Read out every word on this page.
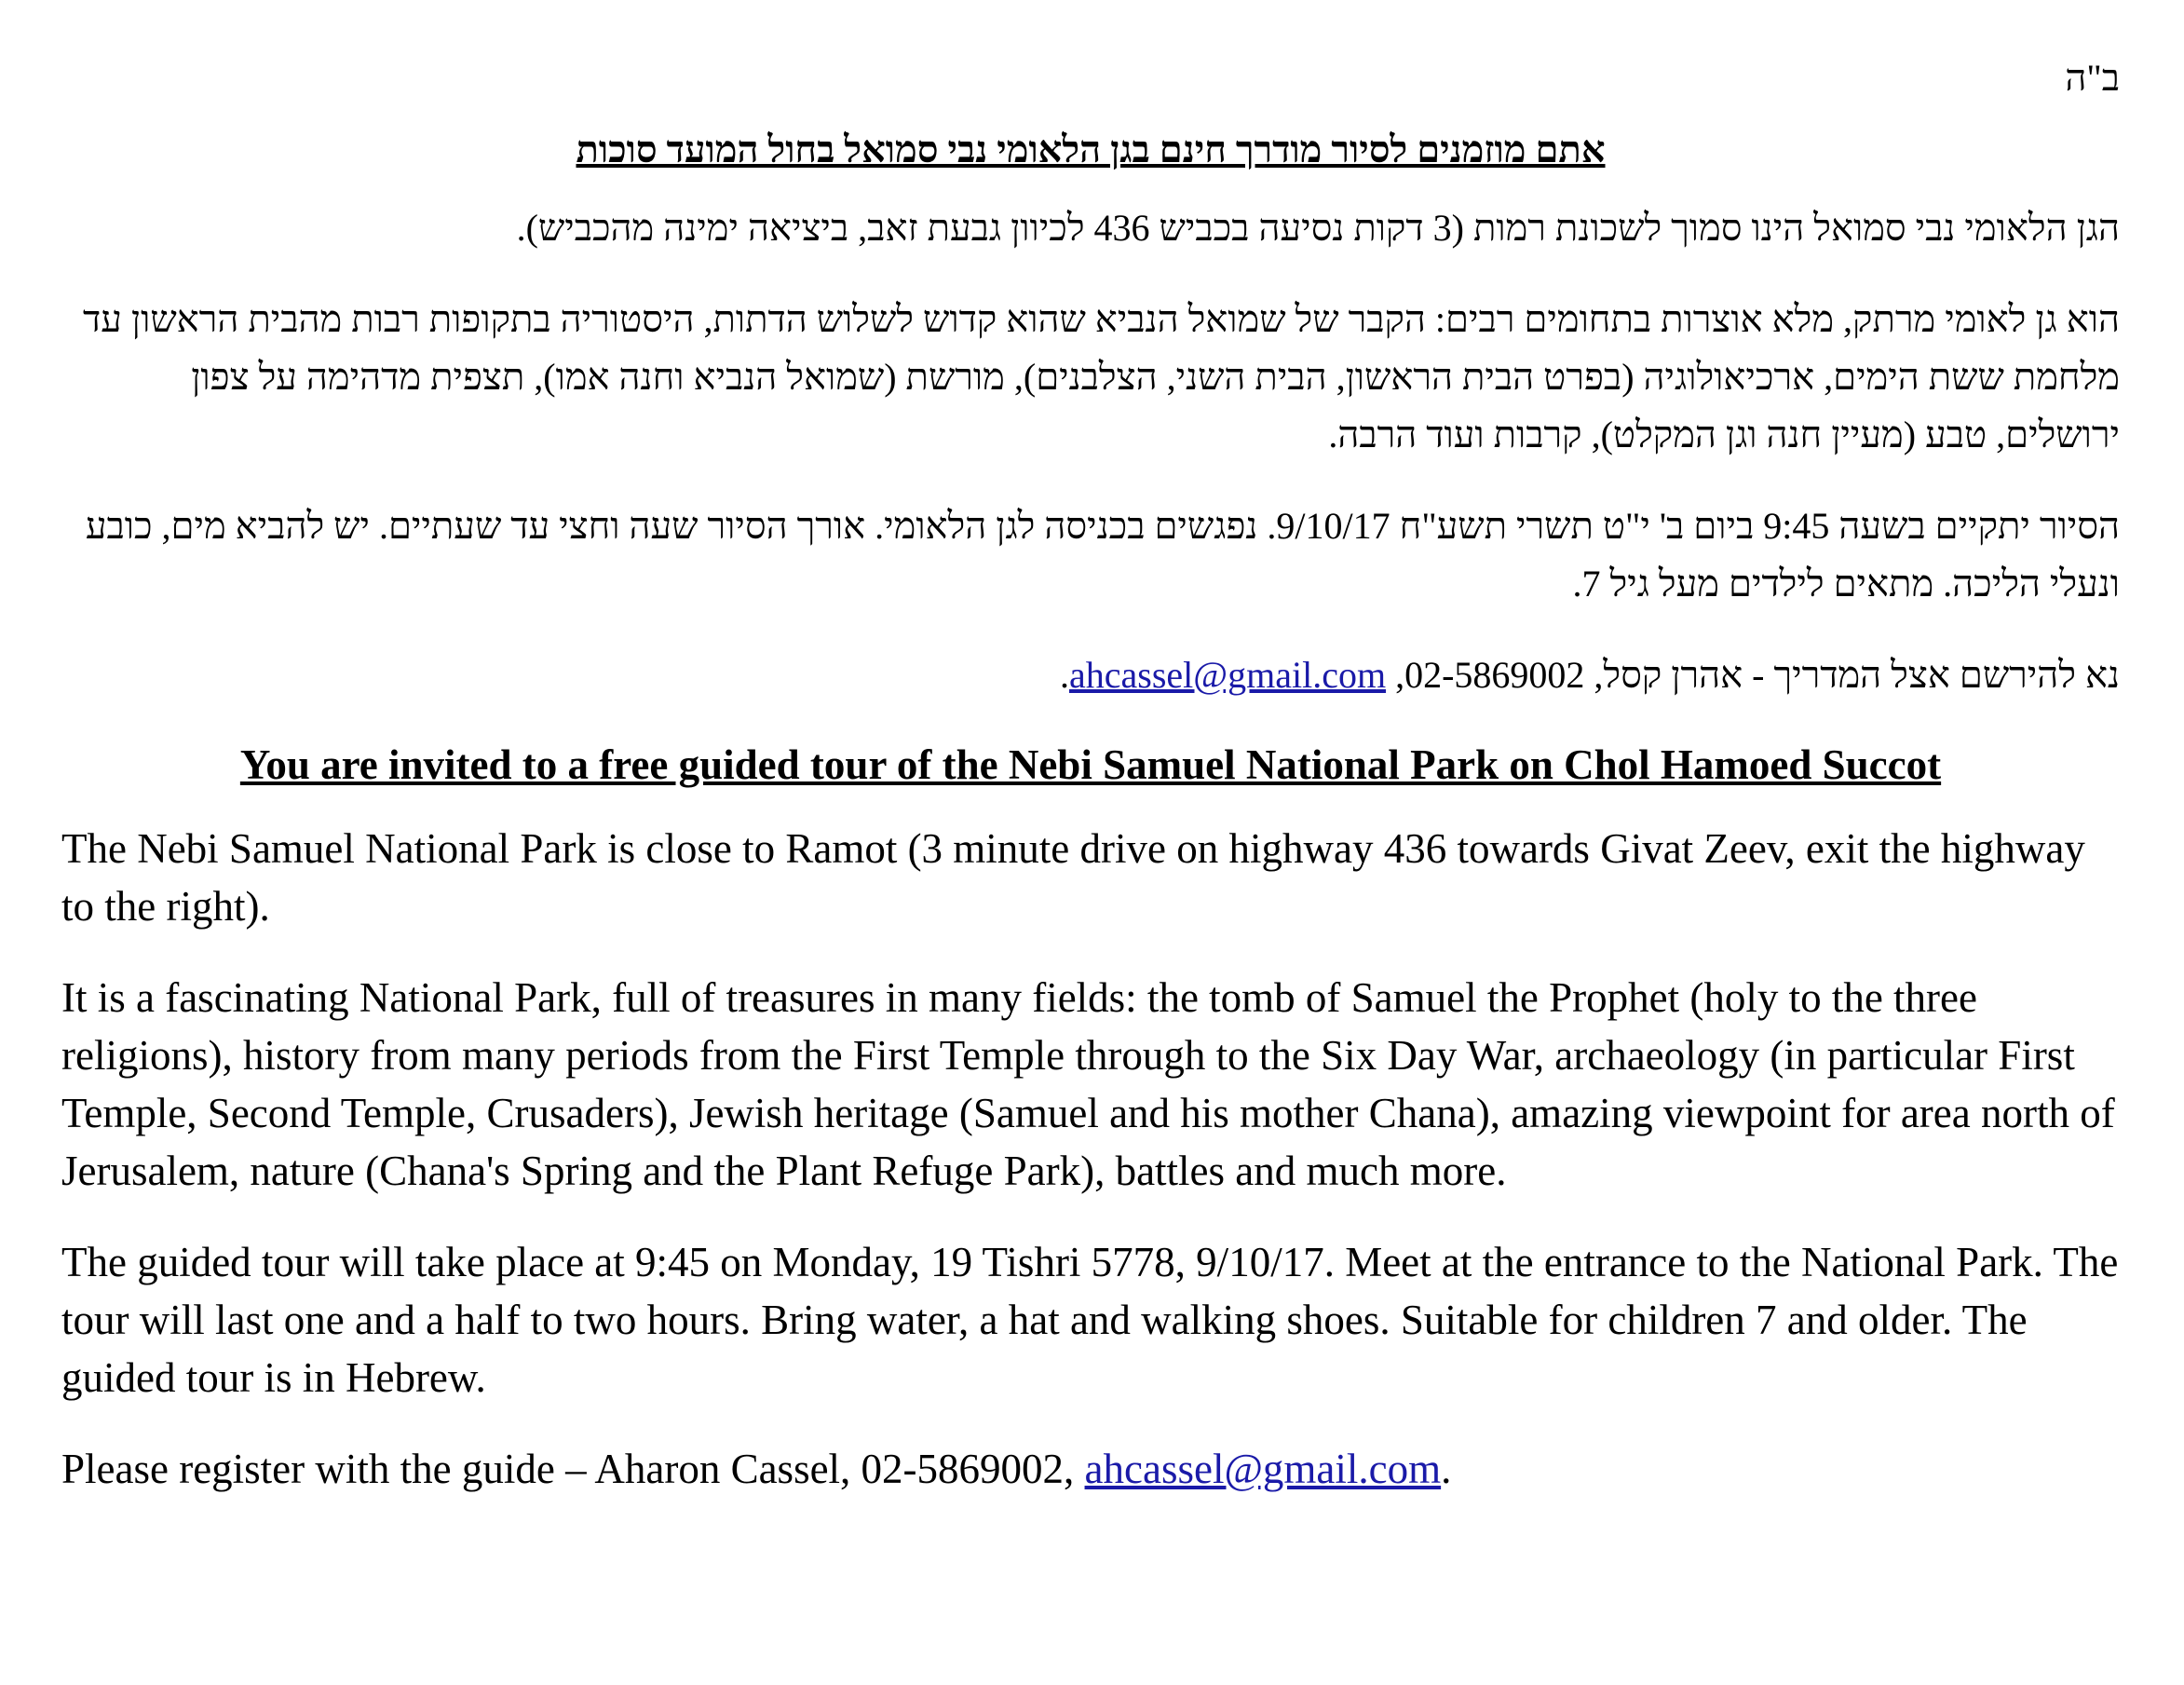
ב"ה
אתם מוזמנים לסיור מודרך חינם בגן הלאומי נבי סמואל בחול המועד סוכות

הגן הלאומי נבי סמואל הינו סמוך לשכונת רמות (3 דקות נסיעה בכביש 436 לכיוון גבעת זאב, ביציאה ימינה מהכביש).

הוא גן לאומי מרתק, מלא אוצרות בתחומים רבים: הקבר של שמואל הנביא שהוא קדוש לשלוש הדתות, היסטוריה בתקופות רבות מהבית הראשון עד מלחמת ששת הימים, ארכיאולוגיה (בפרט הבית הראשון, הבית השני, הצלבנים), מורשת (שמואל הנביא וחנה אמו), תצפית מדהימה על צפון ירושלים, טבע (מעיין חנה וגן המקלט), קרבות ועוד הרבה.

הסיור יתקיים בשעה 9:45 ביום ב' י"ט תשרי תשע"ח 9/10/17. נפגשים בכניסה לגן הלאומי. אורך הסיור שעה וחצי עד שעתיים. יש להביא מים, כובע ונעלי הליכה. מתאים לילדים מעל גיל 7.

נא להירשם אצל המדריך - אהרן קסל, 02-5869002, ahcassel@gmail.com.

You are invited to a free guided tour of the Nebi Samuel National Park on Chol Hamoed Succot

The Nebi Samuel National Park is close to Ramot (3 minute drive on highway 436 towards Givat Zeev, exit the highway to the right).

It is a fascinating National Park, full of treasures in many fields: the tomb of Samuel the Prophet (holy to the three religions), history from many periods from the First Temple through to the Six Day War, archaeology (in particular First Temple, Second Temple, Crusaders), Jewish heritage (Samuel and his mother Chana), amazing viewpoint for area north of Jerusalem, nature (Chana's Spring and the Plant Refuge Park), battles and much more.

The guided tour will take place at 9:45 on Monday, 19 Tishri 5778, 9/10/17. Meet at the entrance to the National Park. The tour will last one and a half to two hours. Bring water, a hat and walking shoes. Suitable for children 7 and older. The guided tour is in Hebrew.

Please register with the guide – Aharon Cassel, 02-5869002, ahcassel@gmail.com.
